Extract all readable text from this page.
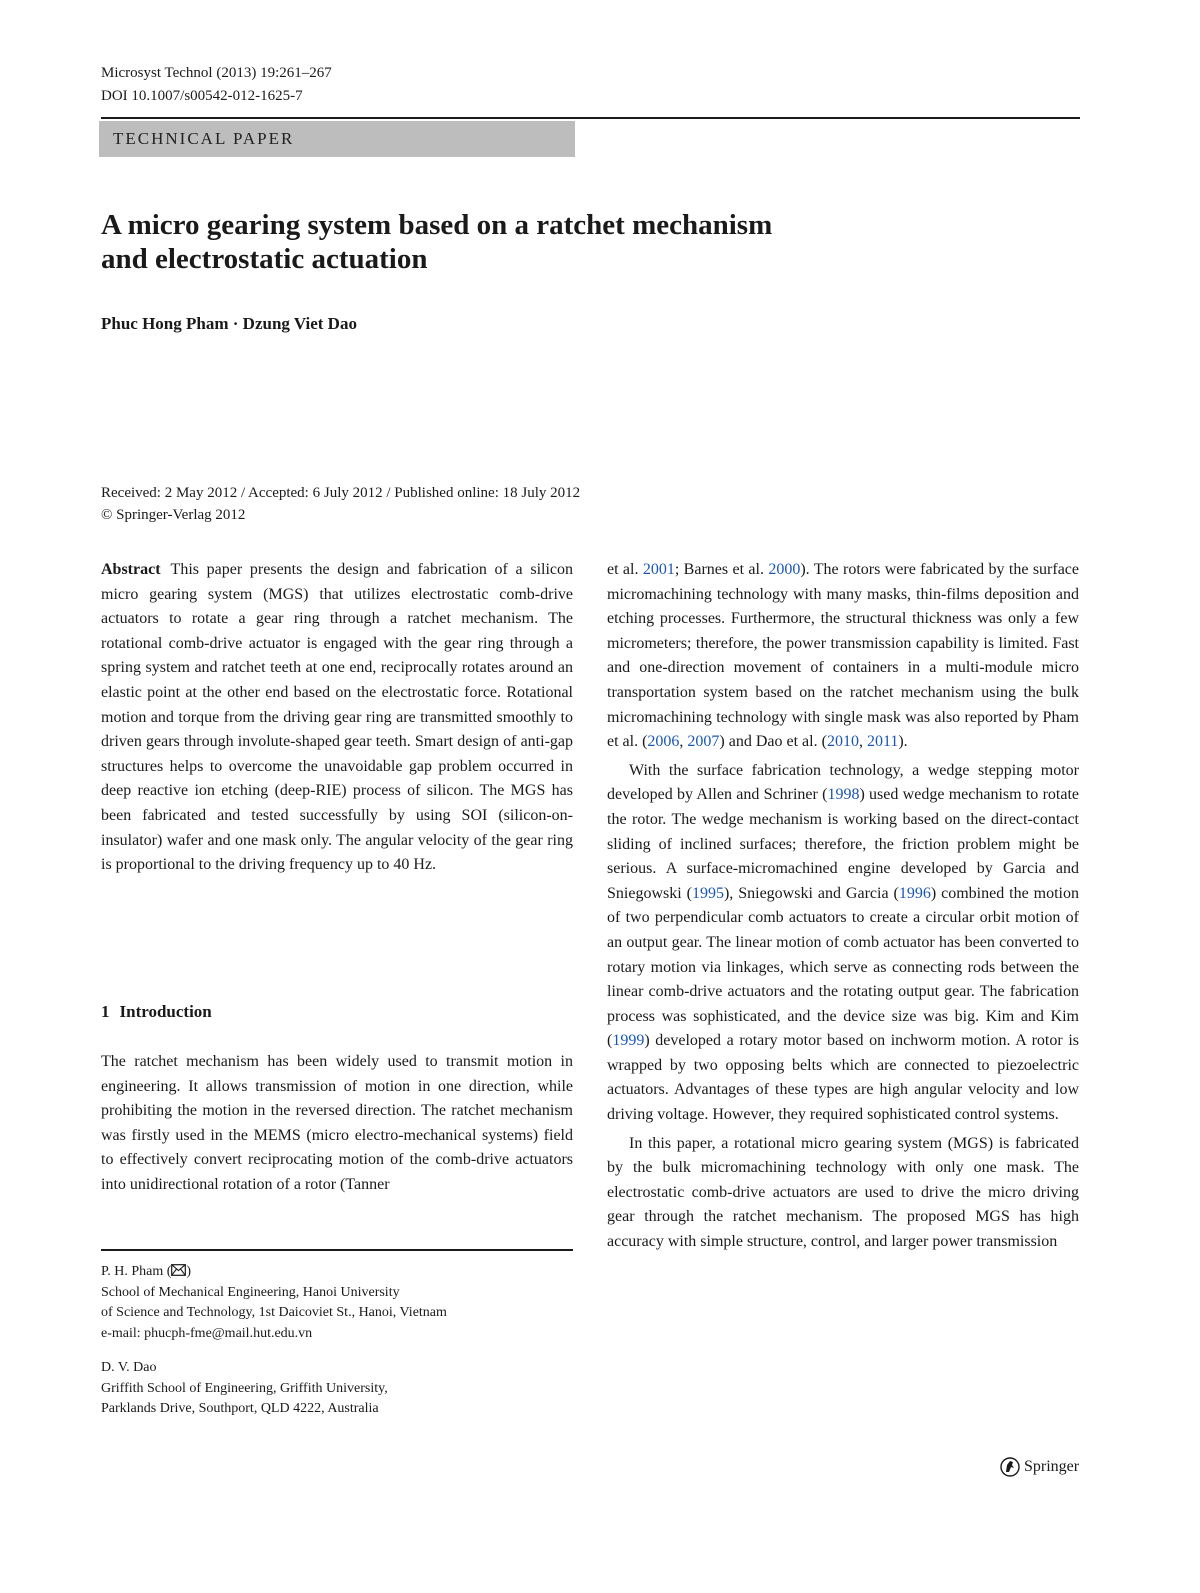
Microsyst Technol (2013) 19:261–267
DOI 10.1007/s00542-012-1625-7
TECHNICAL PAPER
A micro gearing system based on a ratchet mechanism
and electrostatic actuation
Phuc Hong Pham · Dzung Viet Dao
Received: 2 May 2012 / Accepted: 6 July 2012 / Published online: 18 July 2012
© Springer-Verlag 2012

Abstract This paper presents the design and fabrication of a silicon micro gearing system (MGS) that utilizes electrostatic comb-drive actuators to rotate a gear ring through a ratchet mechanism. The rotational comb-drive actuator is engaged with the gear ring through a spring system and ratchet teeth at one end, reciprocally rotates around an elastic point at the other end based on the electrostatic force. Rotational motion and torque from the driving gear ring are transmitted smoothly to driven gears through involute-shaped gear teeth. Smart design of anti-gap structures helps to overcome the unavoidable gap problem occurred in deep reactive ion etching (deep-RIE) process of silicon. The MGS has been fabricated and tested successfully by using SOI (silicon-on-insulator) wafer and one mask only. The angular velocity of the gear ring is proportional to the driving frequency up to 40 Hz.

1 Introduction

The ratchet mechanism has been widely used to transmit motion in engineering. It allows transmission of motion in one direction, while prohibiting the motion in the reversed direction. The ratchet mechanism was firstly used in the MEMS (micro electro-mechanical systems) field to effectively convert reciprocating motion of the comb-drive actuators into unidirectional rotation of a rotor (Tanner

P. H. Pham ( )
School of Mechanical Engineering, Hanoi University
of Science and Technology, 1st Daicoviet St., Hanoi, Vietnam
e-mail: phucph-fme@mail.hut.edu.vn
D. V. Dao
Griffith School of Engineering, Griffith University,
Parklands Drive, Southport, QLD 4222, Australia

et al. 2001; Barnes et al. 2000). The rotors were fabricated by the surface micromachining technology with many masks, thin-films deposition and etching processes. Furthermore, the structural thickness was only a few micrometers; therefore, the power transmission capability is limited. Fast and one-direction movement of containers in a multi-module micro transportation system based on the ratchet mechanism using the bulk micromachining technology with single mask was also reported by Pham et al. (2006, 2007) and Dao et al. (2010, 2011).

With the surface fabrication technology, a wedge stepping motor developed by Allen and Schriner (1998) used wedge mechanism to rotate the rotor. The wedge mechanism is working based on the direct-contact sliding of inclined surfaces; therefore, the friction problem might be serious. A surface-micromachined engine developed by Garcia and Sniegowski (1995), Sniegowski and Garcia (1996) combined the motion of two perpendicular comb actuators to create a circular orbit motion of an output gear. The linear motion of comb actuator has been converted to rotary motion via linkages, which serve as connecting rods between the linear comb-drive actuators and the rotating output gear. The fabrication process was sophisticated, and the device size was big. Kim and Kim (1999) developed a rotary motor based on inchworm motion. A rotor is wrapped by two opposing belts which are connected to piezoelectric actuators. Advantages of these types are high angular velocity and low driving voltage. However, they required sophisticated control systems.

In this paper, a rotational micro gearing system (MGS) is fabricated by the bulk micromachining technology with only one mask. The electrostatic comb-drive actuators are used to drive the micro driving gear through the ratchet mechanism. The proposed MGS has high accuracy with simple structure, control, and larger power transmission

Springer
